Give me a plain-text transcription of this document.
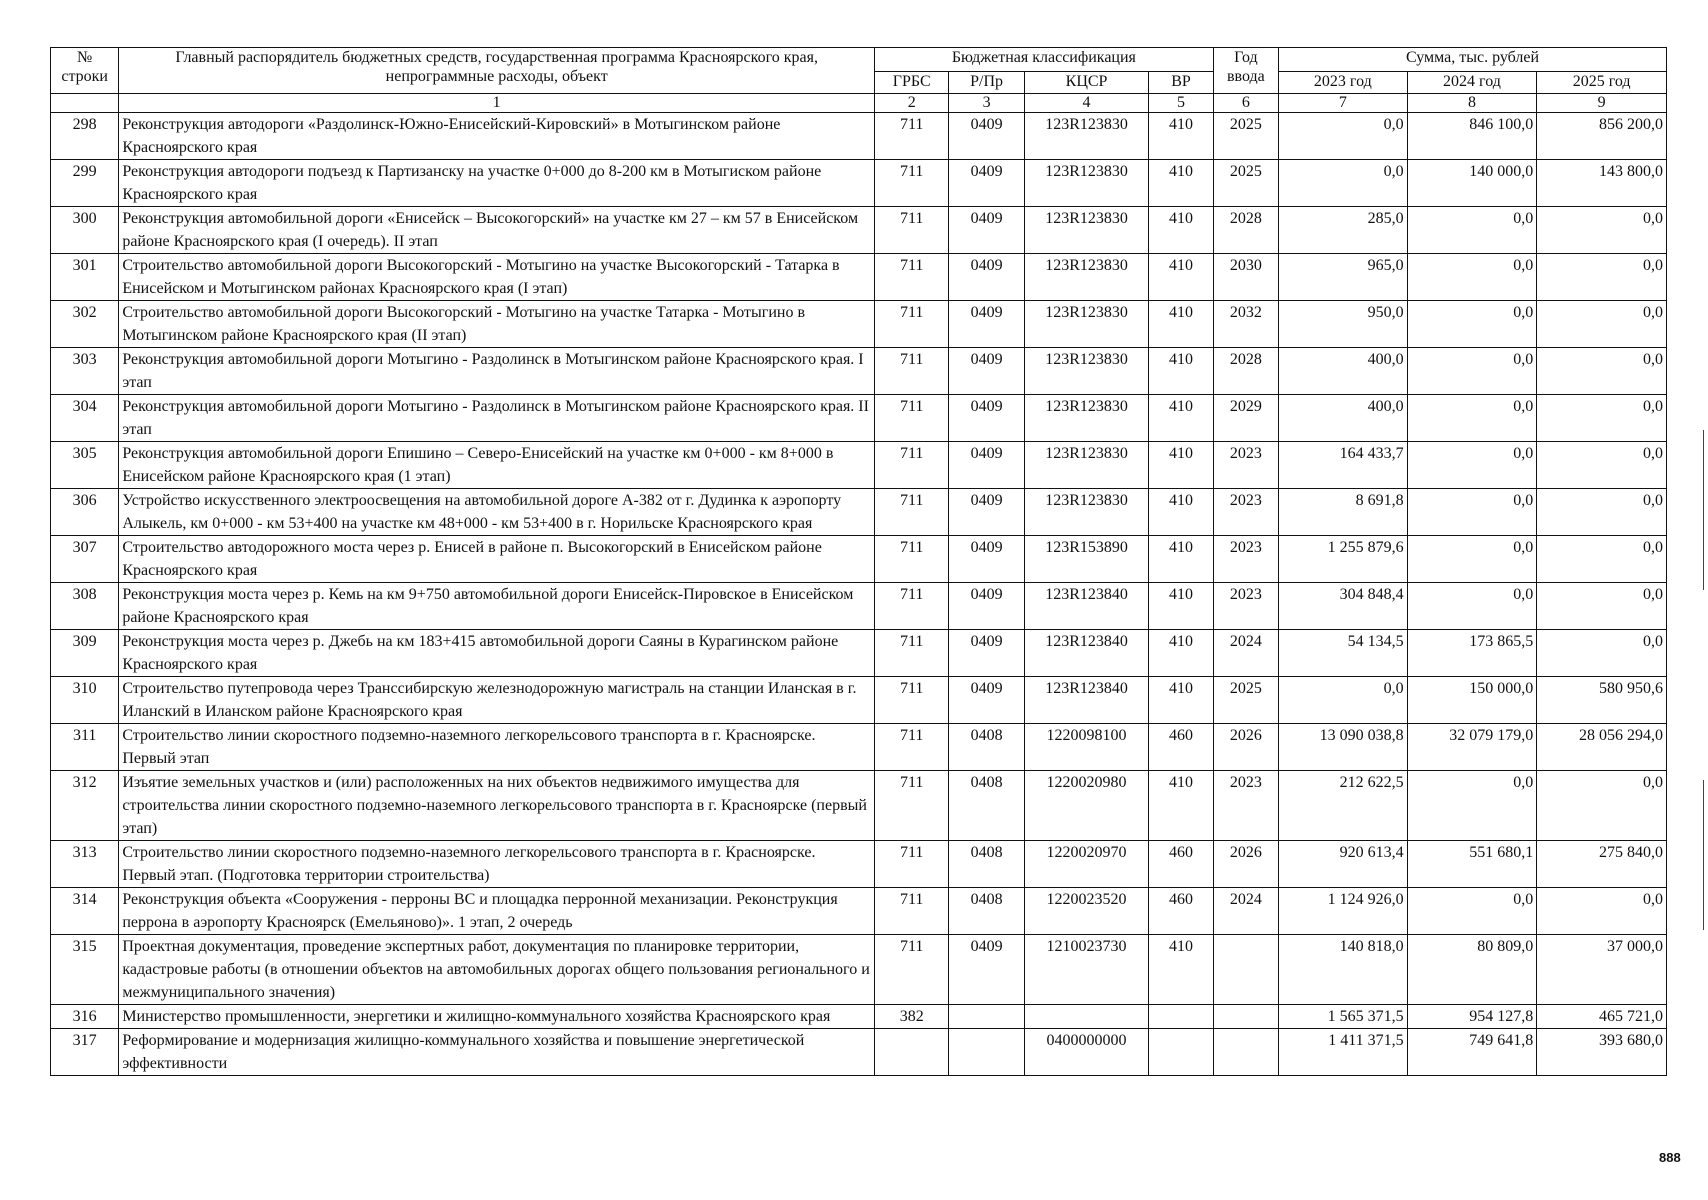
№ строки	Главный распорядитель бюджетных средств, государственная программа Красноярского края, непрограммные расходы, объект	Бюджетная классификация				Год ввода	Сумма, тыс. рублей		
		ГРБС	Р/Пр	КЦСР	ВР		2023 год	2024 год	2025 год
	1	2	3	4	5	6	7	8	9
298	Реконструкция автодороги «Раздолинск-Южно-Енисейский-Кировский» в Мотыгинском районе Красноярского края	711	0409	123R123830	410	2025	0,0	846 100,0	856 200,0
299	Реконструкция автодороги подъезд к Партизанску на участке 0+000 до 8-200 км в Мотыгиском районе Красноярского края	711	0409	123R123830	410	2025	0,0	140 000,0	143 800,0
300	Реконструкция автомобильной дороги «Енисейск – Высокогорский» на участке км 27 – км 57 в Енисейском районе Красноярского края (I очередь). II этап	711	0409	123R123830	410	2028	285,0	0,0	0,0
301	Строительство автомобильной дороги Высокогорский - Мотыгино на участке Высокогорский - Татарка в Енисейском и Мотыгинском районах Красноярского края (I этап)	711	0409	123R123830	410	2030	965,0	0,0	0,0
302	Строительство автомобильной дороги Высокогорский - Мотыгино на участке Татарка - Мотыгино в Мотыгинском районе Красноярского края (II этап)	711	0409	123R123830	410	2032	950,0	0,0	0,0
303	Реконструкция автомобильной дороги Мотыгино - Раздолинск в Мотыгинском районе Красноярского края. I этап	711	0409	123R123830	410	2028	400,0	0,0	0,0
304	Реконструкция автомобильной дороги Мотыгино - Раздолинск в Мотыгинском районе Красноярского края. II этап	711	0409	123R123830	410	2029	400,0	0,0	0,0
305	Реконструкция автомобильной дороги Епишино – Северо-Енисейский на участке км 0+000 - км 8+000 в Енисейском районе Красноярского края (1 этап)	711	0409	123R123830	410	2023	164 433,7	0,0	0,0
306	Устройство искусственного электроосвещения на автомобильной дороге А-382 от г. Дудинка к аэропорту Алыкель, км 0+000 - км 53+400 на участке км 48+000 - км 53+400 в г. Норильске Красноярского края	711	0409	123R123830	410	2023	8 691,8	0,0	0,0
307	Строительство автодорожного моста через р. Енисей в районе п. Высокогорский в Енисейском районе Красноярского края	711	0409	123R153890	410	2023	1 255 879,6	0,0	0,0
308	Реконструкция моста через р. Кемь на км 9+750 автомобильной дороги Енисейск-Пировское в Енисейском районе Красноярского края	711	0409	123R123840	410	2023	304 848,4	0,0	0,0
309	Реконструкция моста через р. Джебь на км 183+415 автомобильной дороги Саяны в Курагинском районе Красноярского края	711	0409	123R123840	410	2024	54 134,5	173 865,5	0,0
310	Строительство путепровода через Транссибирскую железнодорожную магистраль на станции Иланская в г. Иланский в Иланском районе Красноярского края	711	0409	123R123840	410	2025	0,0	150 000,0	580 950,6
311	Строительство линии скоростного подземно-наземного легкорельсового транспорта в г. Красноярске. Первый этап	711	0408	1220098100	460	2026	13 090 038,8	32 079 179,0	28 056 294,0
312	Изъятие земельных участков и (или) расположенных на них объектов недвижимого имущества для строительства линии скоростного подземно-наземного легкорельсового транспорта в г. Красноярске (первый этап)	711	0408	1220020980	410	2023	212 622,5	0,0	0,0
313	Строительство линии скоростного подземно-наземного легкорельсового транспорта в г. Красноярске. Первый этап. (Подготовка территории строительства)	711	0408	1220020970	460	2026	920 613,4	551 680,1	275 840,0
314	Реконструкция объекта «Сооружения - перроны ВС и площадка перронной механизации. Реконструкция перрона в аэропорту Красноярск (Емельяново)». 1 этап, 2 очередь	711	0408	1220023520	460	2024	1 124 926,0	0,0	0,0
315	Проектная документация, проведение экспертных работ, документация по планировке территории, кадастровые работы (в отношении объектов на автомобильных дорогах общего пользования регионального и межмуниципального значения)	711	0409	1210023730	410		140 818,0	80 809,0	37 000,0
316	Министерство промышленности, энергетики и жилищно-коммунального хозяйства Красноярского края	382					1 565 371,5	954 127,8	465 721,0
317	Реформирование и модернизация жилищно-коммунального хозяйства и повышение энергетической эффективности			0400000000			1 411 371,5	749 641,8	393 680,0
888
